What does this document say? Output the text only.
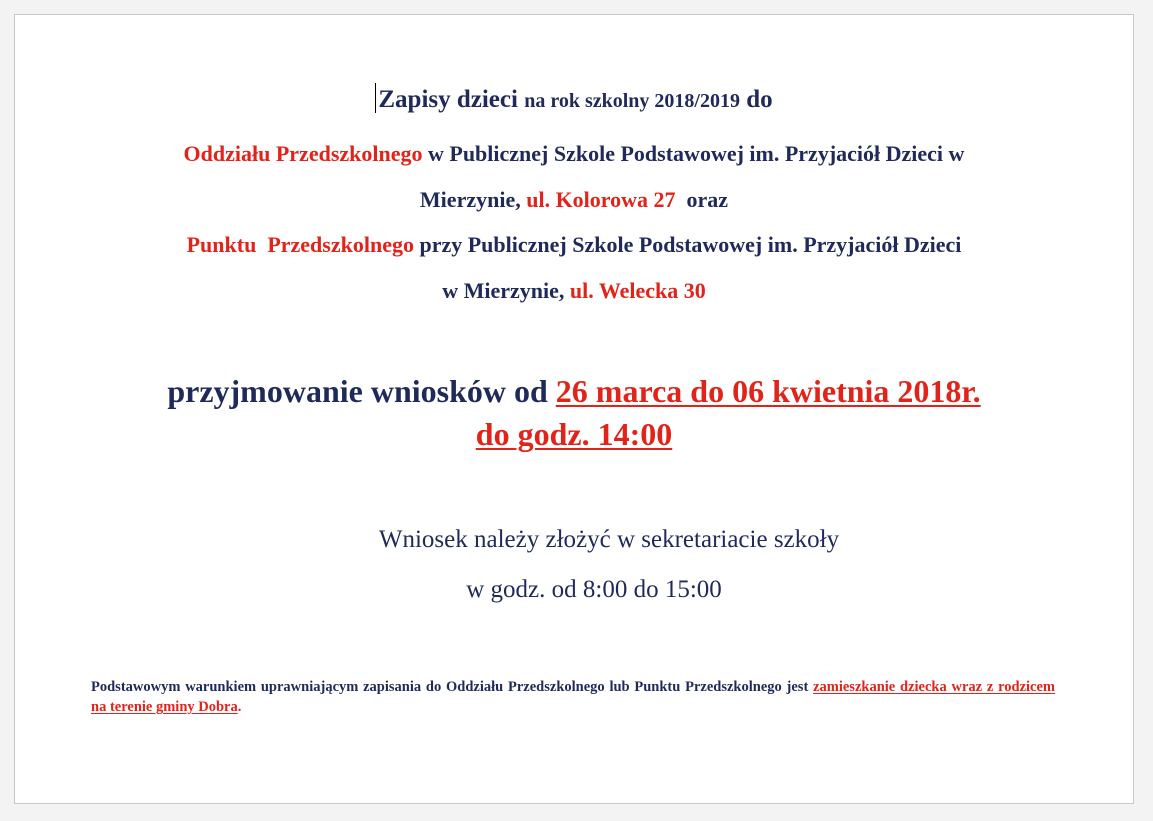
Zapisy dzieci na rok szkolny 2018/2019 do
Oddziału Przedszkolnego w Publicznej Szkole Podstawowej im. Przyjaciół Dzieci w
Mierzynie, ul. Kolorowa 27 oraz
Punktu  Przedszkolnego przy Publicznej Szkole Podstawowej im. Przyjaciół Dzieci
w Mierzynie, ul. Welecka 30
przyjmowanie wniosków od 26 marca do 06 kwietnia 2018r.
do godz. 14:00
Wniosek należy złożyć w sekretariacie szkoły
w godz. od 8:00 do 15:00
Podstawowym warunkiem uprawniającym zapisania do Oddziału Przedszkolnego lub Punktu Przedszkolnego jest zamieszkanie dziecka wraz z rodzicem na terenie gminy Dobra.
